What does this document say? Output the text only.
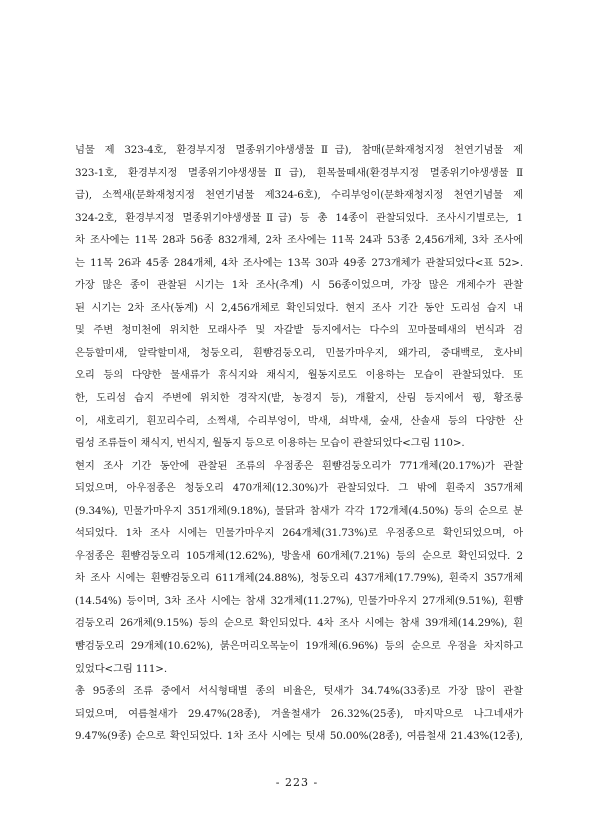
넘물 제 323-4호, 환경부지정 멸종위기야생생물Ⅱ급), 참매(문화재청지정 천연기념물 제
323-1호, 환경부지정 멸종위기야생생물Ⅱ급), 흰목물떼새(환경부지정 멸종위기야생생물Ⅱ
급), 소쩍새(문화재청지정 천연기념물 제324-6호), 수리부엉이(문화재청지정 천연기념물 제
324-2호, 환경부지정 멸종위기야생생물Ⅱ급) 등 총 14종이 관찰되었다. 조사시기별로는, 1
차 조사에는 11목 28과 56종 832개체, 2차 조사에는 11목 24과 53종 2,456개체, 3차 조사에
는 11목 26과 45종 284개체, 4차 조사에는 13목 30과 49종 273개체가 관찰되었다<표 52>.
가장 많은 종이 관찰된 시기는 1차 조사(추계) 시 56종이었으며, 가장 많은 개체수가 관찰
된 시기는 2차 조사(동계) 시 2,456개체로 확인되었다. 현지 조사 기간 동안 도리섬 습지 내
및 주변 청미천에 위치한 모래사주 및 자갈밭 등지에서는 다수의 꼬마물떼새의 번식과 검
은등할미새, 알락할미새, 청둥오리, 흰뺨검둥오리, 민물가마우지, 왜가리, 중대백로, 호사비
오리 등의 다양한 물새류가 휴식지와 채식지, 월동지로도 이용하는 모습이 관찰되었다. 또
한, 도리섬 습지 주변에 위치한 경작지(밭, 농경지 등), 개활지, 산림 등지에서 꿩, 황조롱
이, 새호리기, 흰꼬리수리, 소쩍새, 수리부엉이, 박새, 쇠박새, 숲새, 산솔새 등의 다양한 산
림성 조류들이 채식지, 번식지, 월동지 등으로 이용하는 모습이 관찰되었다<그림 110>.
현지 조사 기간 동안에 관찰된 조류의 우점종은 흰뺨검둥오리가 771개체(20.17%)가 관찰
되었으며, 아우점종은 청둥오리 470개체(12.30%)가 관찰되었다. 그 밖에 흰죽지 357개체
(9.34%), 민물가마우지 351개체(9.18%), 물닭과 참새가 각각 172개체(4.50%) 등의 순으로 분
석되었다. 1차 조사 시에는 민물가마우지 264개체(31.73%)로 우점종으로 확인되었으며, 아
우점종은 흰뺨검둥오리 105개체(12.62%), 방울새 60개체(7.21%) 등의 순으로 확인되었다. 2
차 조사 시에는 흰뺨검둥오리 611개체(24.88%), 청둥오리 437개체(17.79%), 흰죽지 357개체
(14.54%) 등이며, 3차 조사 시에는 참새 32개체(11.27%), 민물가마우지 27개체(9.51%), 흰뺨
검둥오리 26개체(9.15%) 등의 순으로 확인되었다. 4차 조사 시에는 참새 39개체(14.29%), 흰
뺨검둥오리 29개체(10.62%), 붉은머리오목눈이 19개체(6.96%) 등의 순으로 우점을 차지하고
있었다<그림 111>.
총 95종의 조류 중에서 서식형태별 종의 비율은, 텃새가 34.74%(33종)로 가장 많이 관찰
되었으며, 여름철새가 29.47%(28종), 겨울철새가 26.32%(25종), 마지막으로 나그네새가
9.47%(9종) 순으로 확인되었다. 1차 조사 시에는 텃새 50.00%(28종), 여름철새 21.43%(12종),
- 223 -
